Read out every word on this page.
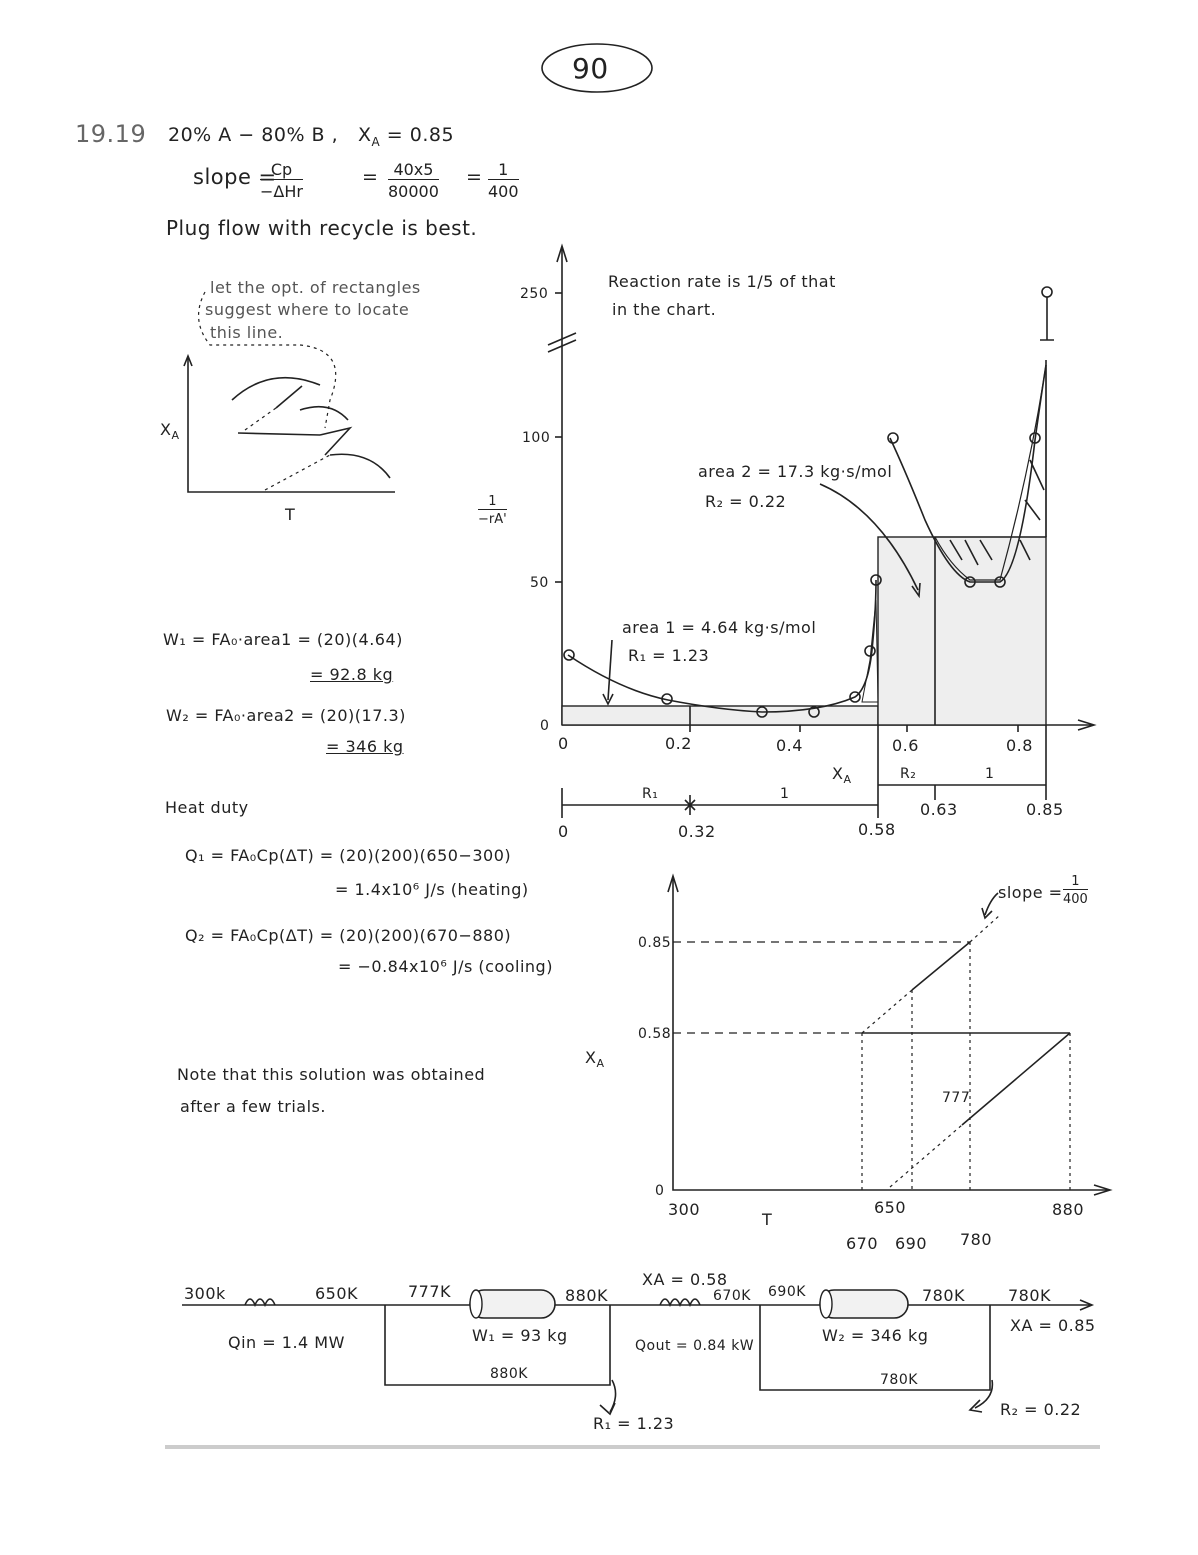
90
19.19 20% A − 80% B , $X_A = 0.85$
slope =
Cp
−ΔHr
= $\frac{40x5}{80000} = \frac{1}{400}$
Plug flow with recycle is best.
let the opt. of rectangles
suggest where to locate
this line.
$X_A$
T
W₁ = FA₀·area1 = (20)(4.64)
= 92.8 kg
W₂ = FA₀·area2 = (20)(17.3)
= 346 kg
Heat duty
Q₁ = FA₀Cp(ΔT) = (20)(200)(650−300)
= 1.4x10⁶ J/s (heating)
Q₂ = FA₀Cp(ΔT) = (20)(200)(670−880)
= −0.84x10⁶ J/s (cooling)
Note that this solution was obtained
after a few trials.
Reaction rate is 1/5 of that
in the chart.
250
100
50
0
$\frac{1}{-rA'}$
0	0.2	0.4	0.6	0.8
$X_A$
area 1 = 4.64 kg·s/mol
R₁ = 1.23
area 2 = 17.3 kg·s/mol
R₂ = 0.22
R₁	1
R₂	1
0	0.32	0.58
0.63	0.85
slope = $\frac{1}{400}$
0.85
0.58
0
$X_A$
T
300	650	880
670 690 780
777
300k	650K	777K	880K
XA = 0.58
670K 690K	780K	780K
XA = 0.85
Qin = 1.4 MW	W₁ = 93 kg
Qout = 0.84 kW
W₂ = 346 kg
880K	780K
R₁ = 1.23
R₂ = 0.22
